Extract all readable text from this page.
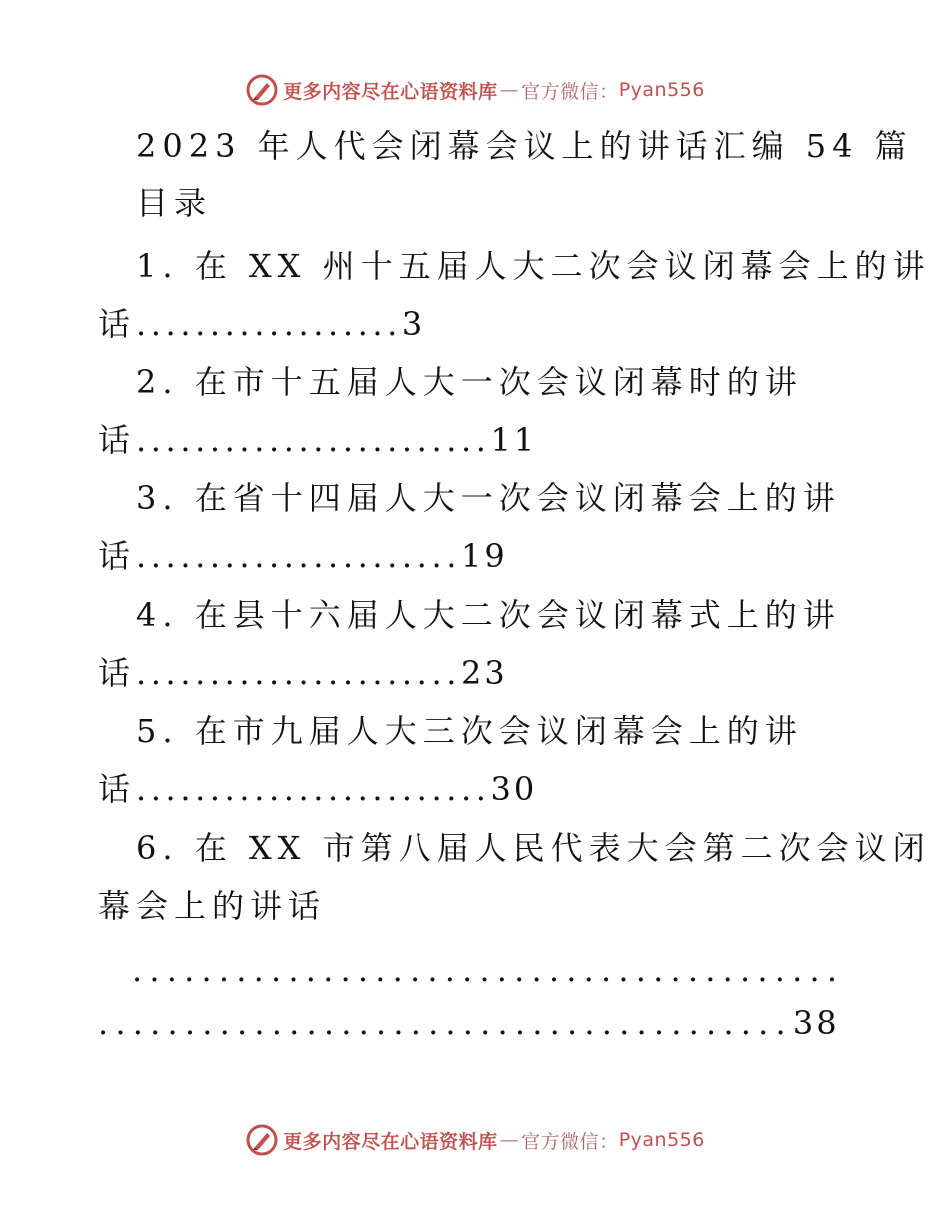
更多内容尽在心语资料库 — 官方微信： Pyan556
2023 年人代会闭幕会议上的讲话汇编 54 篇
目录
1. 在 XX 州十五届人大二次会议闭幕会上的讲
话..................3
2. 在市十五届人大一次会议闭幕时的讲
话........................11
3. 在省十四届人大一次会议闭幕会上的讲
话......................19
4. 在县十六届人大二次会议闭幕式上的讲
话......................23
5. 在市九届人大三次会议闭幕会上的讲
话........................30
6. 在 XX 市第八届人民代表大会第二次会议闭
幕会上的讲话
.........................................
........................................38
更多内容尽在心语资料库 — 官方微信： Pyan556
